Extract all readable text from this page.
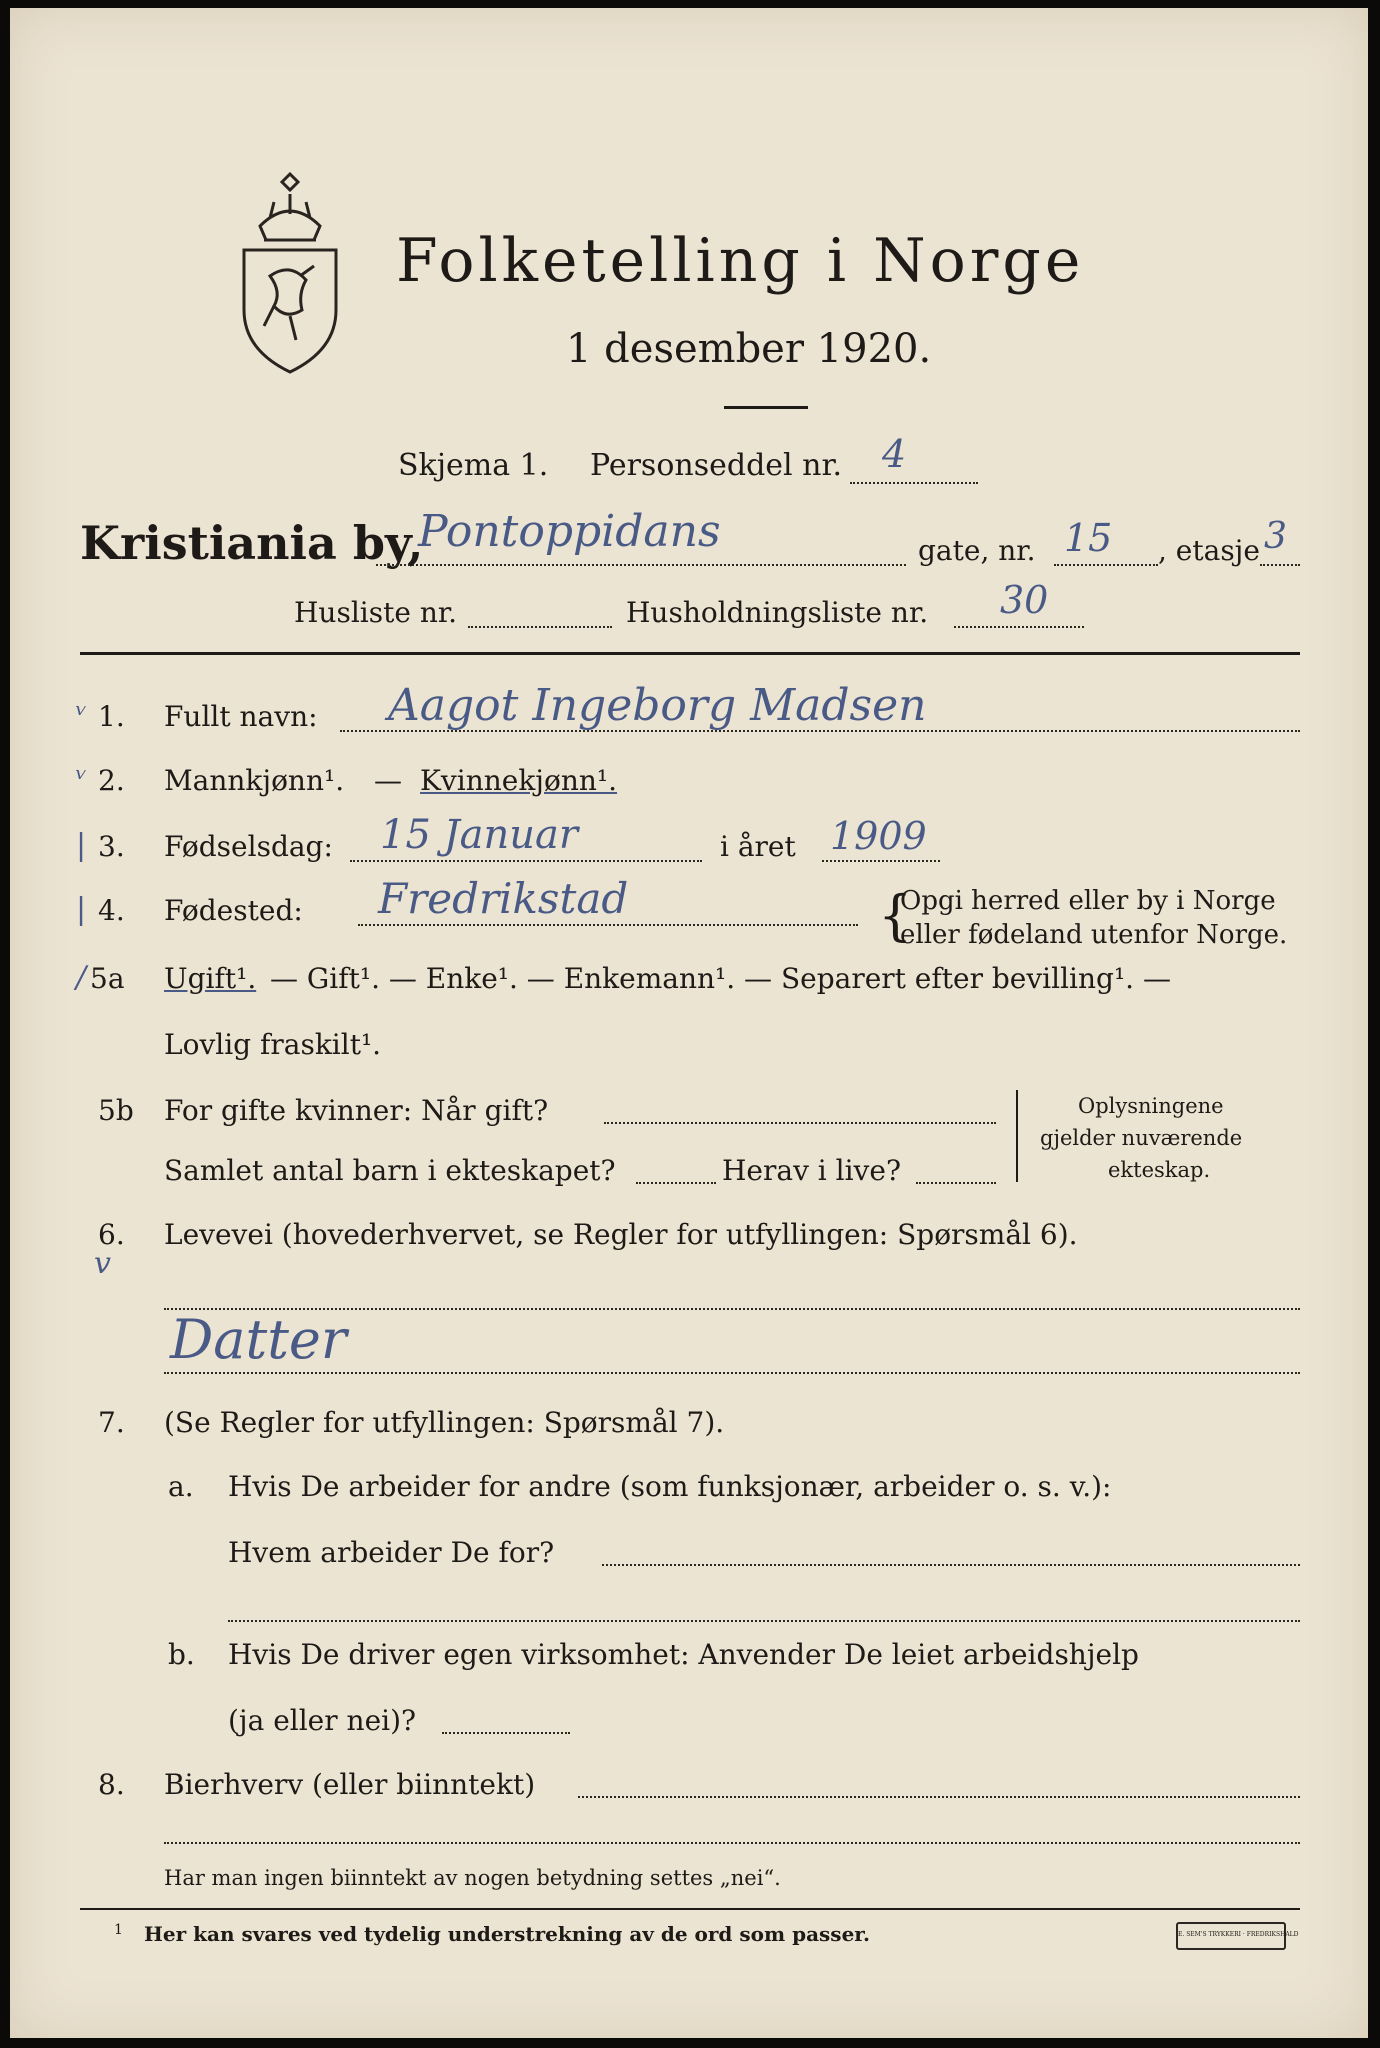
Folketelling i Norge
1 desember 1920.
Skjema 1. Personseddel nr. 4
Kristiania by,
Pontoppidans	gate, nr. 15 , etasje 3
Husliste nr.	Husholdningsliste nr. 30
ᵛ 1. Fullt navn: Aagot Ingeborg Madsen
ᵛ 2. Mannkjønn¹. — Kvinnekjønn¹.
| 3. Fødselsdag: 15 Januar	i året 1909
| 4. Fødested: Fredrikstad	{
Opgi herred eller by i Norge
eller fødeland utenfor Norge.
/ 5a Ugift¹. — Gift¹. — Enke¹. — Enkemann¹. — Separert efter bevilling¹. —
Lovlig fraskilt¹.
5b For gifte kvinner: Når gift?
Samlet antal barn i ekteskapet?	Herav i live?
Oplysningene
gjelder nuværende
ekteskap.
6.
v
Levevei (hovederhvervet, se Regler for utfyllingen: Spørsmål 6).
Datter
7. (Se Regler for utfyllingen: Spørsmål 7).
a. Hvis De arbeider for andre (som funksjonær, arbeider o. s. v.):
Hvem arbeider De for?
b. Hvis De driver egen virksomhet: Anvender De leiet arbeidshjelp
(ja eller nei)?
8. Bierhverv (eller biinntekt)
Har man ingen biinntekt av nogen betydning settes „nei“.
1 Her kan svares ved tydelig understrekning av de ord som passer.	E. SEM'S TRYKKERI · FREDRIKSHALD
